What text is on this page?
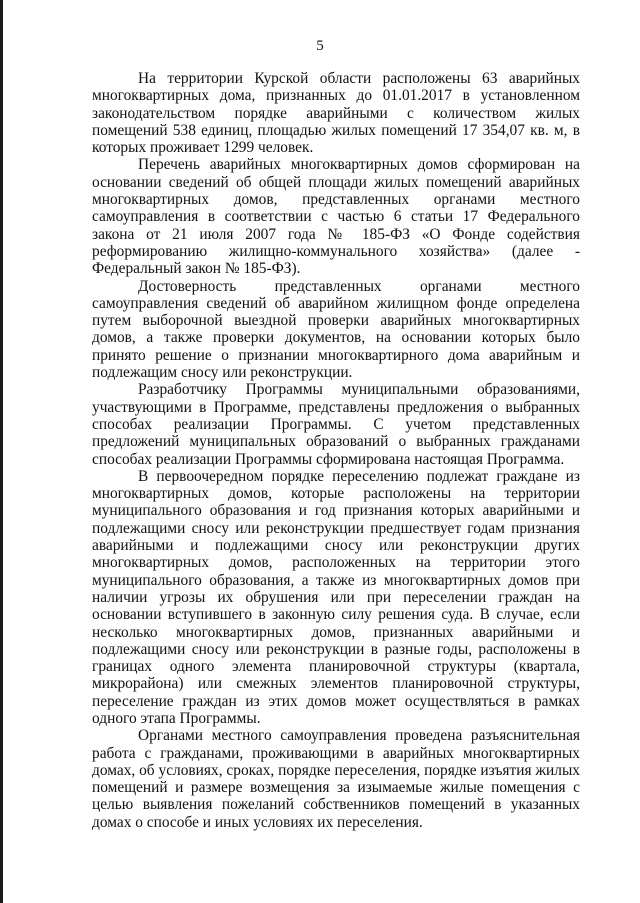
5

На территории Курской области расположены 63 аварийных многоквартирных дома, признанных до 01.01.2017 в установленном законодательством порядке аварийными с количеством жилых помещений 538 единиц, площадью жилых помещений 17 354,07 кв. м, в которых проживает 1299 человек.

Перечень аварийных многоквартирных домов сформирован на основании сведений об общей площади жилых помещений аварийных многоквартирных домов, представленных органами местного самоуправления в соответствии с частью 6 статьи 17 Федерального закона от 21 июля 2007 года № 185-ФЗ «О Фонде содействия реформированию жилищно-коммунального хозяйства» (далее - Федеральный закон № 185-ФЗ).

Достоверность представленных органами местного самоуправления сведений об аварийном жилищном фонде определена путем выборочной выездной проверки аварийных многоквартирных домов, а также проверки документов, на основании которых было принято решение о признании многоквартирного дома аварийным и подлежащим сносу или реконструкции.

Разработчику Программы муниципальными образованиями, участвующими в Программе, представлены предложения о выбранных способах реализации Программы. С учетом представленных предложений муниципальных образований о выбранных гражданами способах реализации Программы сформирована настоящая Программа.

В первоочередном порядке переселению подлежат граждане из многоквартирных домов, которые расположены на территории муниципального образования и год признания которых аварийными и подлежащими сносу или реконструкции предшествует годам признания аварийными и подлежащими сносу или реконструкции других многоквартирных домов, расположенных на территории этого муниципального образования, а также из многоквартирных домов при наличии угрозы их обрушения или при переселении граждан на основании вступившего в законную силу решения суда. В случае, если несколько многоквартирных домов, признанных аварийными и подлежащими сносу или реконструкции в разные годы, расположены в границах одного элемента планировочной структуры (квартала, микрорайона) или смежных элементов планировочной структуры, переселение граждан из этих домов может осуществляться в рамках одного этапа Программы.

Органами местного самоуправления проведена разъяснительная работа с гражданами, проживающими в аварийных многоквартирных домах, об условиях, сроках, порядке переселения, порядке изъятия жилых помещений и размере возмещения за изымаемые жилые помещения с целью выявления пожеланий собственников помещений в указанных домах о способе и иных условиях их переселения.
